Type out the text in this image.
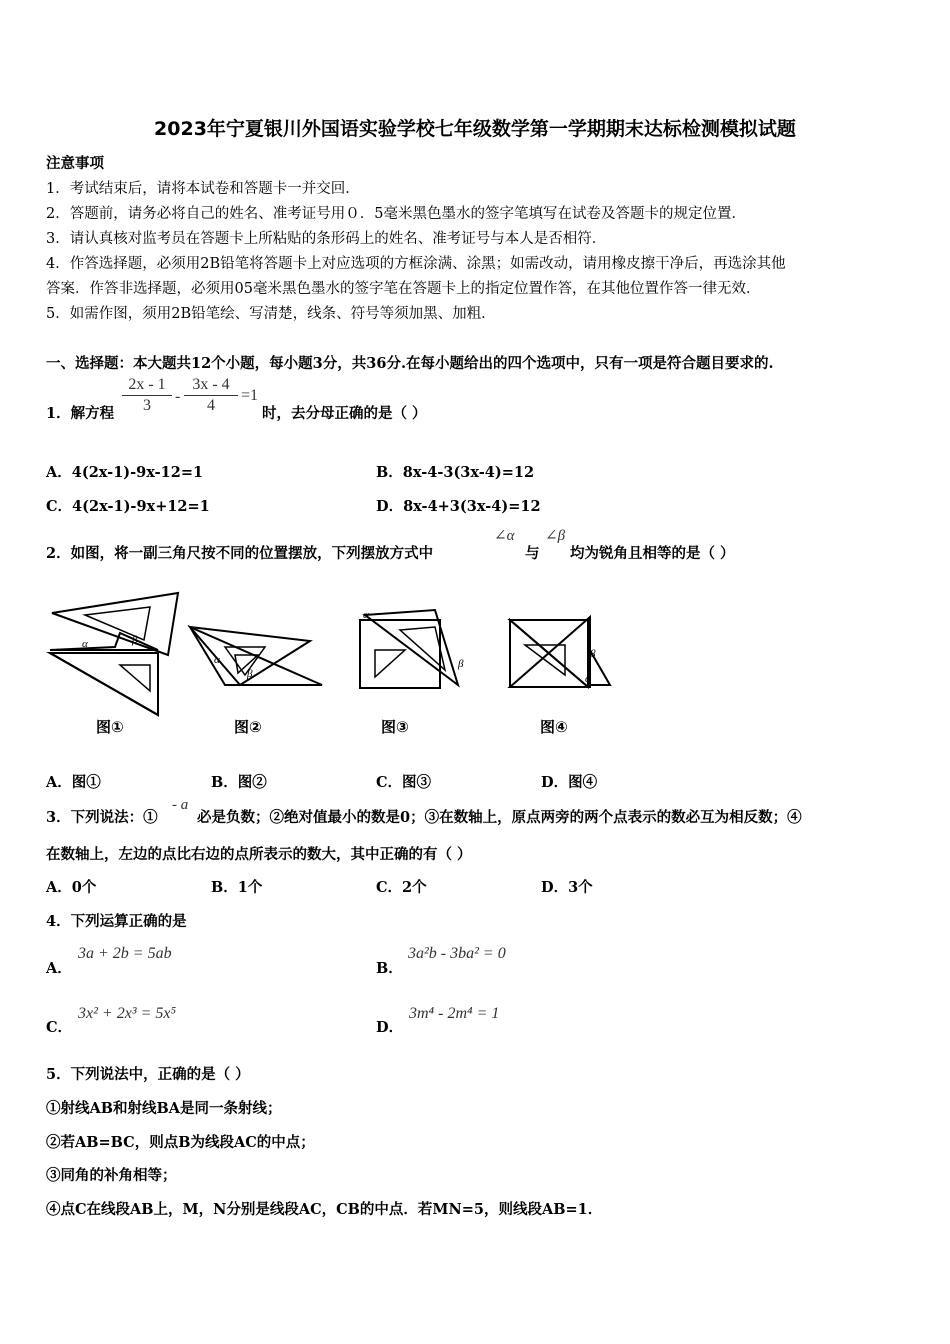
2023年宁夏银川外国语实验学校七年级数学第一学期期末达标检测模拟试题
注意事项
1．考试结束后，请将本试卷和答题卡一并交回．
2．答题前，请务必将自己的姓名、准考证号用０．5毫米黑色墨水的签字笔填写在试卷及答题卡的规定位置．
3．请认真核对监考员在答题卡上所粘贴的条形码上的姓名、准考证号与本人是否相符．
4．作答选择题，必须用2B铅笔将答题卡上对应选项的方框涂满、涂黑；如需改动，请用橡皮擦干净后，再选涂其他
答案．作答非选择题，必须用05毫米黑色墨水的签字笔在答题卡上的指定位置作答，在其他位置作答一律无效．
5．如需作图，须用2B铅笔绘、写清楚，线条、符号等须加黑、加粗．
一、选择题：本大题共12个小题，每小题3分，共36分.在每小题给出的四个选项中，只有一项是符合题目要求的.
1．解方程 $\frac{2x - 1}{3} - \frac{3x - 4}{4} =1$
时，去分母正确的是（ ）
A．4(2x-1)-9x-12=1	B．8x-4-3(3x-4)=12
C．4(2x-1)-9x+12=1	D．8x-4+3(3x-4)=12
2．如图，将一副三角尺按不同的位置摆放，下列摆放方式中
∠α
与
∠β
均为锐角且相等的是（ ）
α	β
α
β
α
β
α
β
图①	图②	图③	图④
A．图①	B．图②	C．图③	D．图④
3．下列说法：①
- a
必是负数；②绝对值最小的数是0；③在数轴上，原点两旁的两个点表示的数必互为相反数；④
在数轴上，左边的点比右边的点所表示的数大，其中正确的有（ ）
A．0个	B．1个	C．2个	D．3个
4．下列运算正确的是
A．
3a + 2b = 5ab
B．
3a²b - 3ba² = 0
C．
3x² + 2x³ = 5x⁵
D．
3m⁴ - 2m⁴ = 1
5．下列说法中，正确的是（ ）
①射线AB和射线BA是同一条射线；
②若AB=BC，则点B为线段AC的中点；
③同角的补角相等；
④点C在线段AB上，M，N分别是线段AC，CB的中点．若MN=5，则线段AB=1．
